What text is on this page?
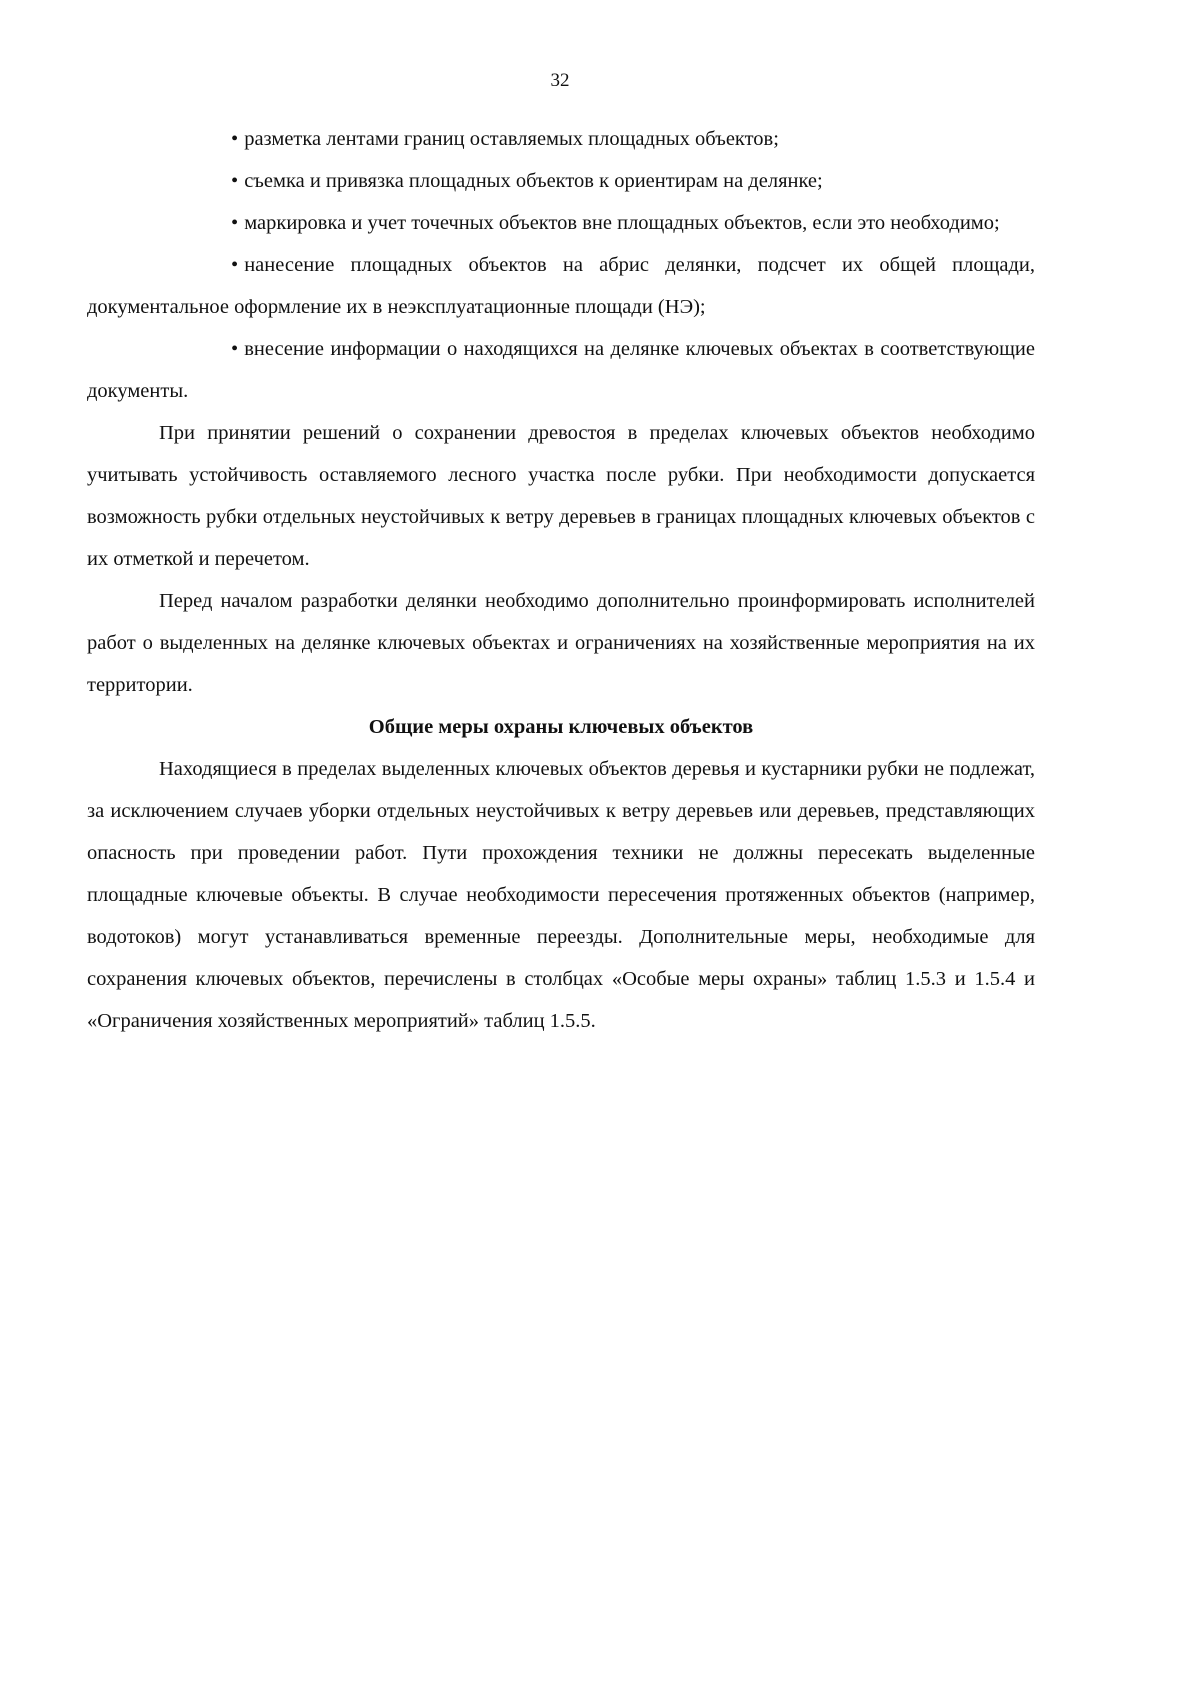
32

• разметка лентами границ оставляемых площадных объектов;

• съемка и привязка площадных объектов к ориентирам на делянке;

• маркировка и учет точечных объектов вне площадных объектов, если это необходимо;

• нанесение площадных объектов на абрис делянки, подсчет их общей площади, документальное оформление их в неэксплуатационные площади (НЭ);

• внесение информации о находящихся на делянке ключевых объектах в соответствующие документы.

При принятии решений о сохранении древостоя в пределах ключевых объектов необходимо учитывать устойчивость оставляемого лесного участка после рубки. При необходимости допускается возможность рубки отдельных неустойчивых к ветру деревьев в границах площадных ключевых объектов с их отметкой и перечетом.

Перед началом разработки делянки необходимо дополнительно проинформировать исполнителей работ о выделенных на делянке ключевых объектах и ограничениях на хозяйственные мероприятия на их территории.

Общие меры охраны ключевых объектов

Находящиеся в пределах выделенных ключевых объектов деревья и кустарники рубки не подлежат, за исключением случаев уборки отдельных неустойчивых к ветру деревьев или деревьев, представляющих опасность при проведении работ. Пути прохождения техники не должны пересекать выделенные площадные ключевые объекты. В случае необходимости пересечения протяженных объектов (например, водотоков) могут устанавливаться временные переезды. Дополнительные меры, необходимые для сохранения ключевых объектов, перечислены в столбцах «Особые меры охраны» таблиц 1.5.3 и 1.5.4 и «Ограничения хозяйственных мероприятий» таблиц 1.5.5.
